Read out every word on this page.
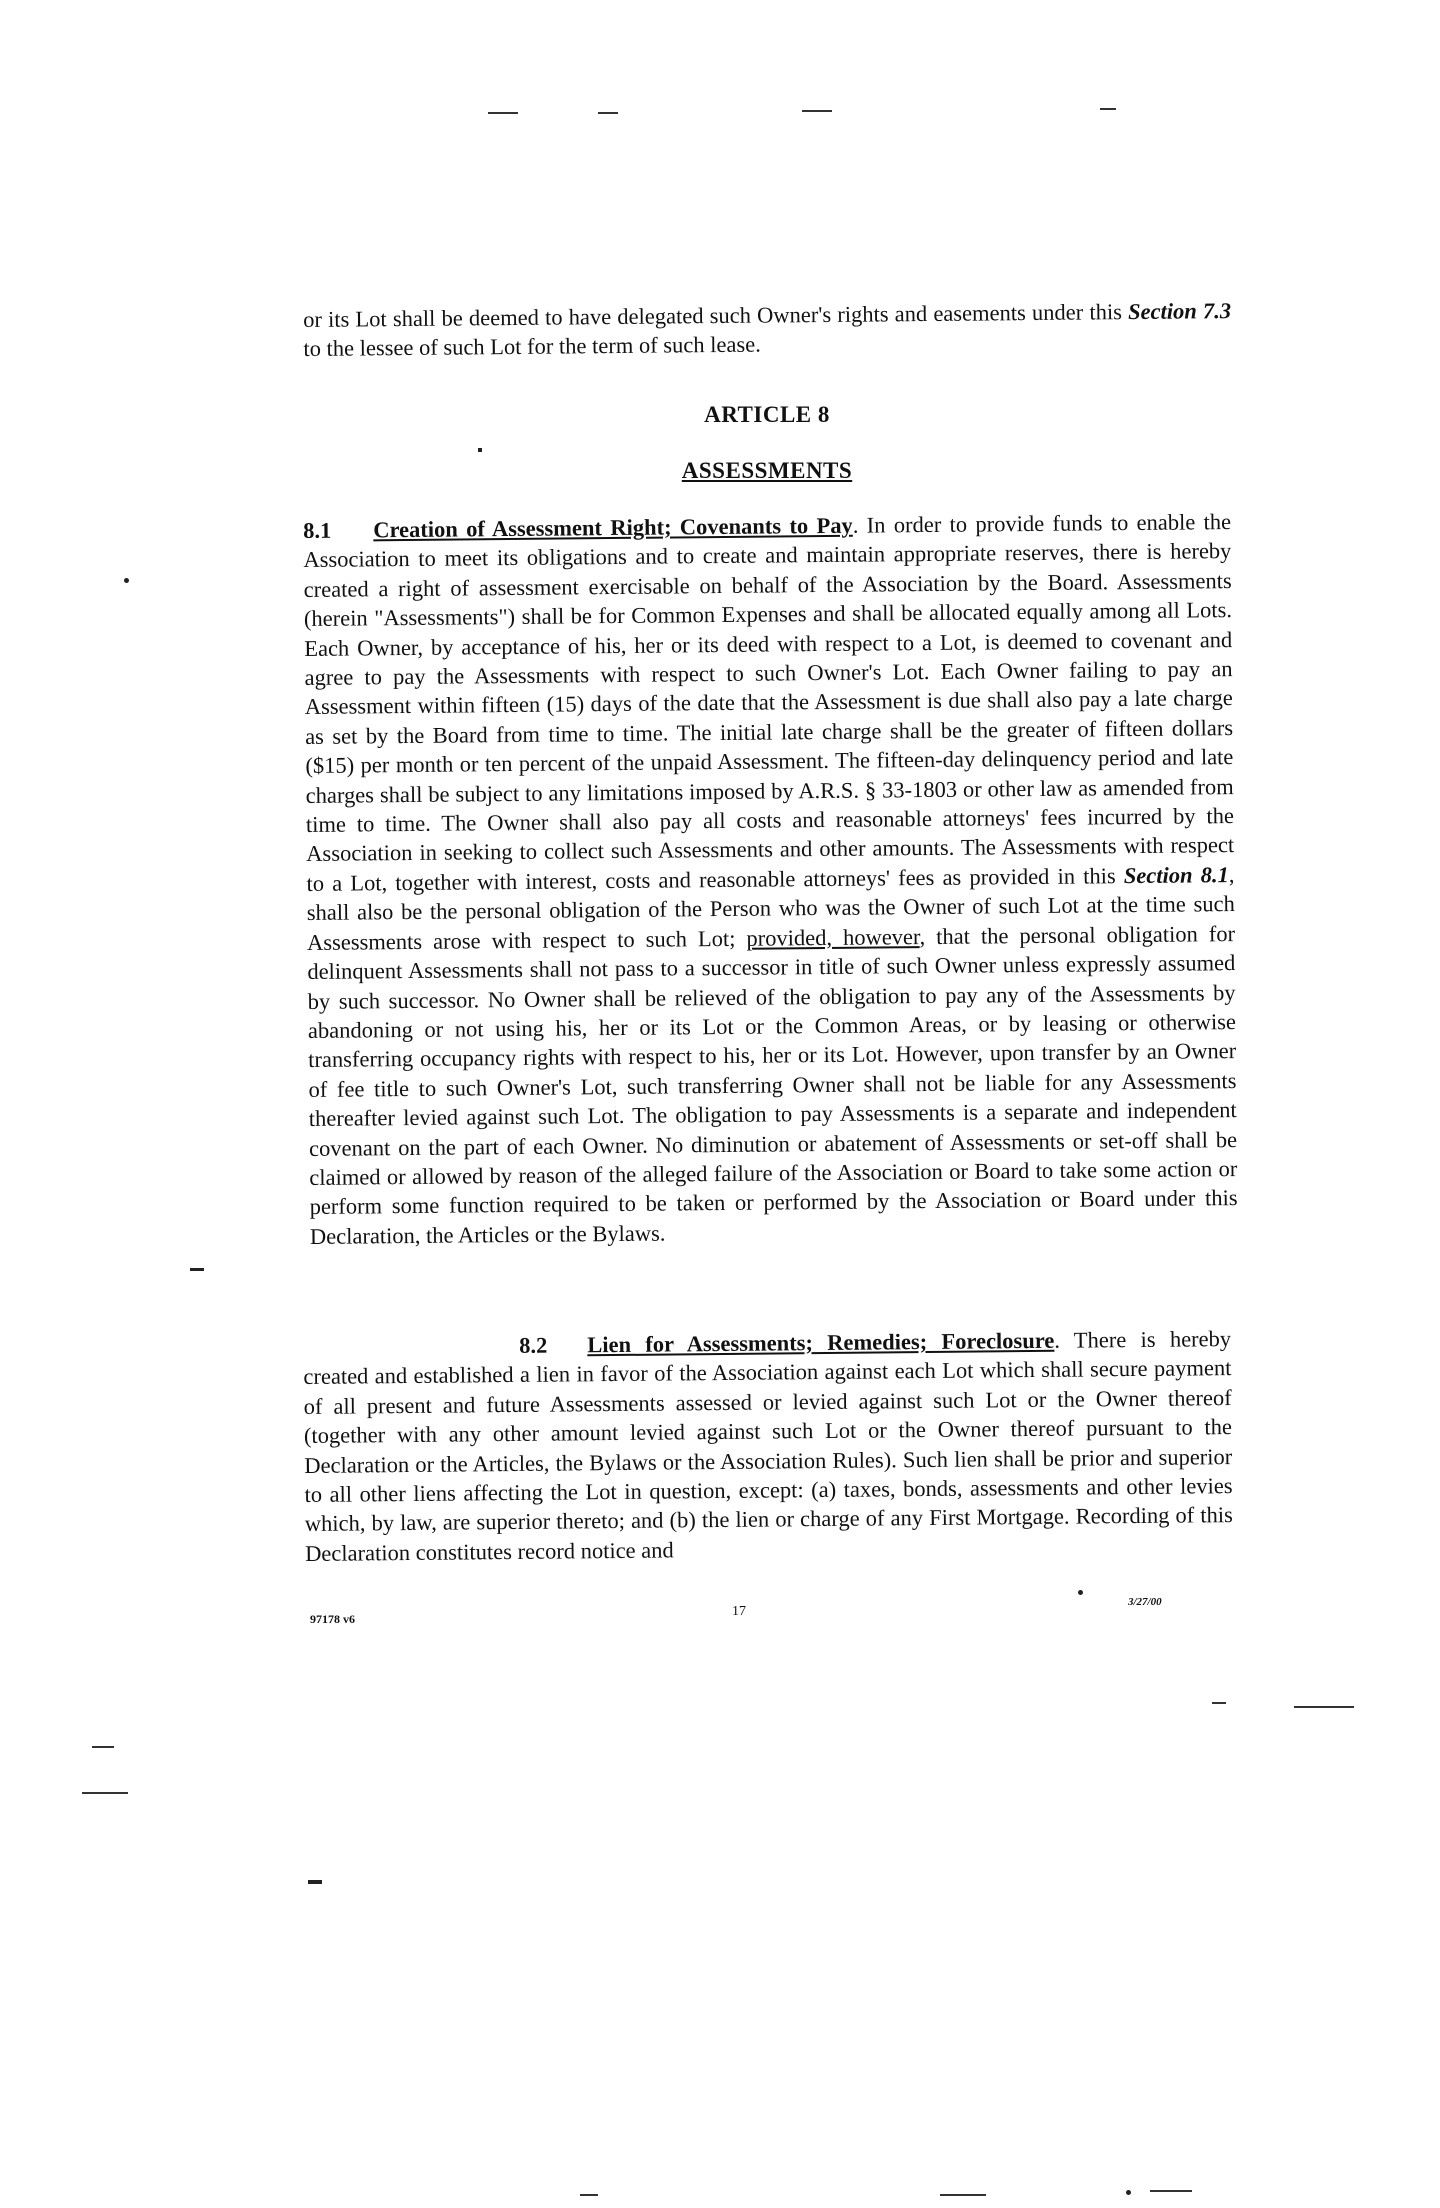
or its Lot shall be deemed to have delegated such Owner's rights and easements under this Section 7.3 to the lessee of such Lot for the term of such lease.
ARTICLE 8
ASSESSMENTS
8.1 Creation of Assessment Right; Covenants to Pay. In order to provide funds to enable the Association to meet its obligations and to create and maintain appropriate reserves, there is hereby created a right of assessment exercisable on behalf of the Association by the Board. Assessments (herein "Assessments") shall be for Common Expenses and shall be allocated equally among all Lots. Each Owner, by acceptance of his, her or its deed with respect to a Lot, is deemed to covenant and agree to pay the Assessments with respect to such Owner's Lot. Each Owner failing to pay an Assessment within fifteen (15) days of the date that the Assessment is due shall also pay a late charge as set by the Board from time to time. The initial late charge shall be the greater of fifteen dollars ($15) per month or ten percent of the unpaid Assessment. The fifteen-day delinquency period and late charges shall be subject to any limitations imposed by A.R.S. § 33-1803 or other law as amended from time to time. The Owner shall also pay all costs and reasonable attorneys' fees incurred by the Association in seeking to collect such Assessments and other amounts. The Assessments with respect to a Lot, together with interest, costs and reasonable attorneys' fees as provided in this Section 8.1, shall also be the personal obligation of the Person who was the Owner of such Lot at the time such Assessments arose with respect to such Lot; provided, however, that the personal obligation for delinquent Assessments shall not pass to a successor in title of such Owner unless expressly assumed by such successor. No Owner shall be relieved of the obligation to pay any of the Assessments by abandoning or not using his, her or its Lot or the Common Areas, or by leasing or otherwise transferring occupancy rights with respect to his, her or its Lot. However, upon transfer by an Owner of fee title to such Owner's Lot, such transferring Owner shall not be liable for any Assessments thereafter levied against such Lot. The obligation to pay Assessments is a separate and independent covenant on the part of each Owner. No diminution or abatement of Assessments or set-off shall be claimed or allowed by reason of the alleged failure of the Association or Board to take some action or perform some function required to be taken or performed by the Association or Board under this Declaration, the Articles or the Bylaws.
8.2 Lien for Assessments; Remedies; Foreclosure. There is hereby created and established a lien in favor of the Association against each Lot which shall secure payment of all present and future Assessments assessed or levied against such Lot or the Owner thereof (together with any other amount levied against such Lot or the Owner thereof pursuant to the Declaration or the Articles, the Bylaws or the Association Rules). Such lien shall be prior and superior to all other liens affecting the Lot in question, except: (a) taxes, bonds, assessments and other levies which, by law, are superior thereto; and (b) the lien or charge of any First Mortgage. Recording of this Declaration constitutes record notice and
97178 v6	17
3/27/00
